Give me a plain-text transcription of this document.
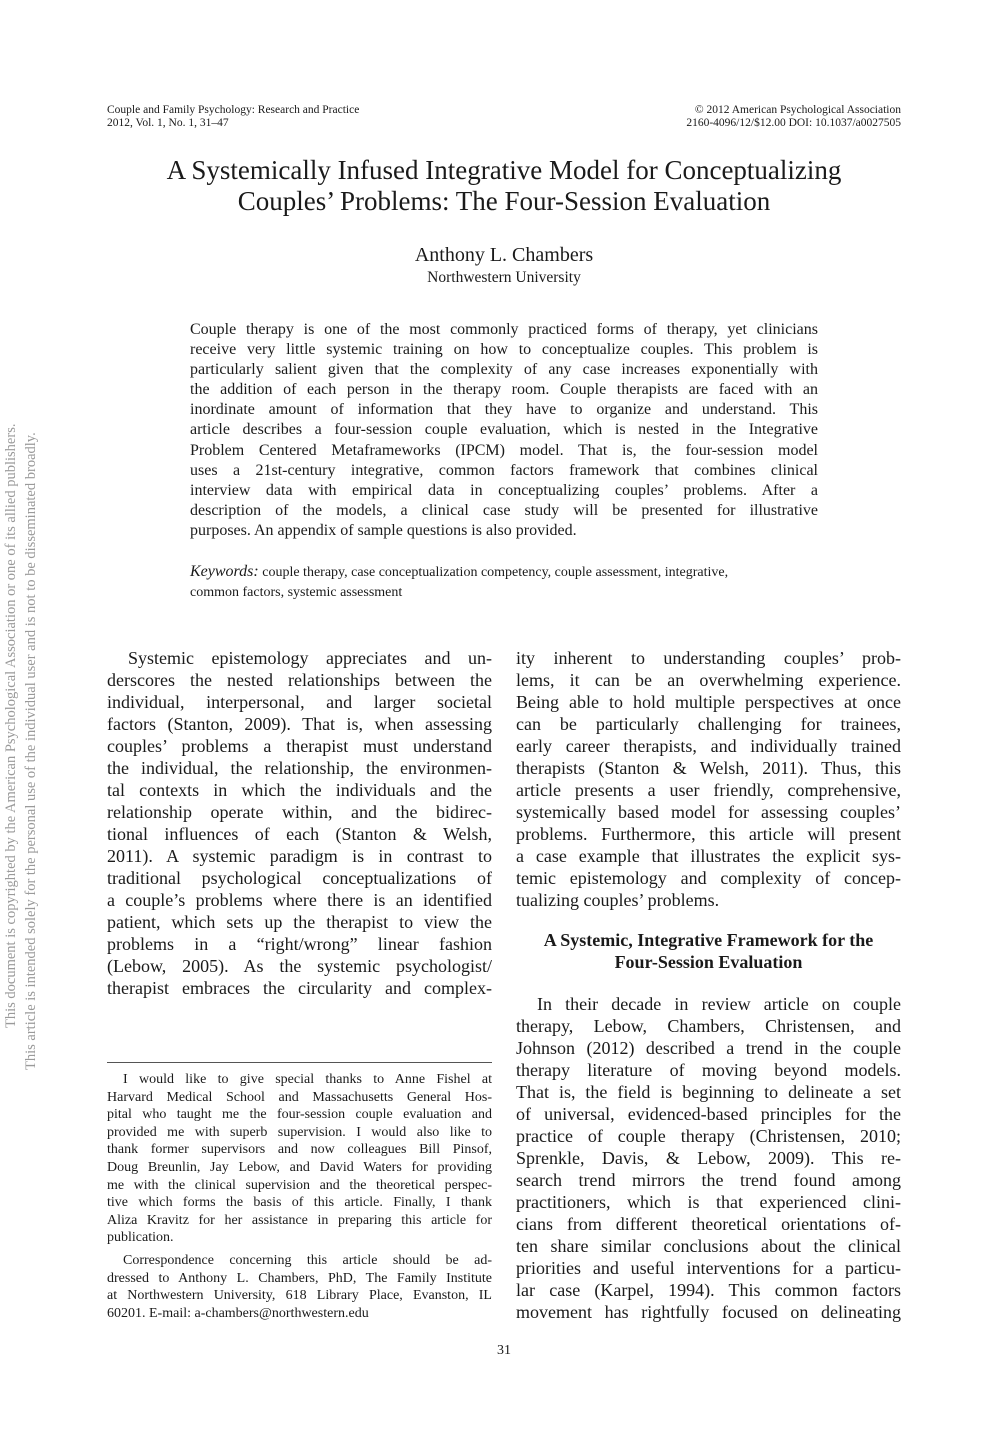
Couple and Family Psychology: Research and Practice
2012, Vol. 1, No. 1, 31–47
© 2012 American Psychological Association
2160-4096/12/$12.00 DOI: 10.1037/a0027505
A Systemically Infused Integrative Model for Conceptualizing
Couples’ Problems: The Four-Session Evaluation
Anthony L. Chambers
Northwestern University
Couple therapy is one of the most commonly practiced forms of therapy, yet clinicians
receive very little systemic training on how to conceptualize couples. This problem is
particularly salient given that the complexity of any case increases exponentially with
the addition of each person in the therapy room. Couple therapists are faced with an
inordinate amount of information that they have to organize and understand. This
article describes a four-session couple evaluation, which is nested in the Integrative
Problem Centered Metaframeworks (IPCM) model. That is, the four-session model
uses a 21st-century integrative, common factors framework that combines clinical
interview data with empirical data in conceptualizing couples’ problems. After a
description of the models, a clinical case study will be presented for illustrative
purposes. An appendix of sample questions is also provided.
Keywords: couple therapy, case conceptualization competency, couple assessment, integrative,
common factors, systemic assessment
Systemic epistemology appreciates and un-
derscores the nested relationships between the
individual, interpersonal, and larger societal
factors (Stanton, 2009). That is, when assessing
couples’ problems a therapist must understand
the individual, the relationship, the environmen-
tal contexts in which the individuals and the
relationship operate within, and the bidirec-
tional influences of each (Stanton & Welsh,
2011). A systemic paradigm is in contrast to
traditional psychological conceptualizations of
a couple’s problems where there is an identified
patient, which sets up the therapist to view the
problems in a “right/wrong” linear fashion
(Lebow, 2005). As the systemic psychologist/
therapist embraces the circularity and complex-
ity inherent to understanding couples’ prob-
lems, it can be an overwhelming experience.
Being able to hold multiple perspectives at once
can be particularly challenging for trainees,
early career therapists, and individually trained
therapists (Stanton & Welsh, 2011). Thus, this
article presents a user friendly, comprehensive,
systemically based model for assessing couples’
problems. Furthermore, this article will present
a case example that illustrates the explicit sys-
temic epistemology and complexity of concep-
tualizing couples’ problems.
A Systemic, Integrative Framework for the
Four-Session Evaluation
In their decade in review article on couple
therapy, Lebow, Chambers, Christensen, and
Johnson (2012) described a trend in the couple
therapy literature of moving beyond models.
That is, the field is beginning to delineate a set
of universal, evidenced-based principles for the
practice of couple therapy (Christensen, 2010;
Sprenkle, Davis, & Lebow, 2009). This re-
search trend mirrors the trend found among
practitioners, which is that experienced clini-
cians from different theoretical orientations of-
ten share similar conclusions about the clinical
priorities and useful interventions for a particu-
lar case (Karpel, 1994). This common factors
movement has rightfully focused on delineating
I would like to give special thanks to Anne Fishel at
Harvard Medical School and Massachusetts General Hos-
pital who taught me the four-session couple evaluation and
provided me with superb supervision. I would also like to
thank former supervisors and now colleagues Bill Pinsof,
Doug Breunlin, Jay Lebow, and David Waters for providing
me with the clinical supervision and the theoretical perspec-
tive which forms the basis of this article. Finally, I thank
Aliza Kravitz for her assistance in preparing this article for
publication.
Correspondence concerning this article should be ad-
dressed to Anthony L. Chambers, PhD, The Family Institute
at Northwestern University, 618 Library Place, Evanston, IL
60201. E-mail: a-chambers@northwestern.edu
31
This document is copyrighted by the American Psychological Association or one of its allied publishers. This article is intended solely for the personal use of the individual user and is not to be disseminated broadly.
